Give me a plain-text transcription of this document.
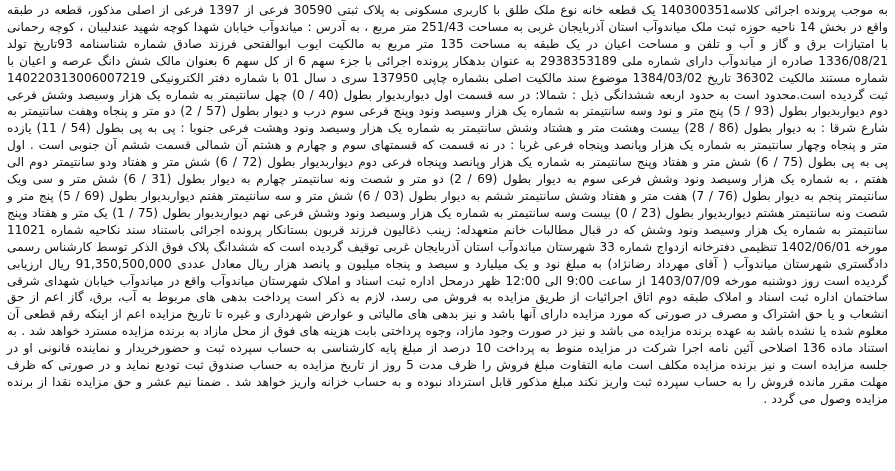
به موجب پرونده اجرائی کلاسه140300351 یک قطعه خانه نوع ملک طلق با کاربری مسکونی به پلاک ثبتی 30590 فرعی از 1397 فرعی از اصلی مذکور، قطعه در طبقه واقع در بخش 14 ناحیه حوزه ثبت ملک میاندوآب استان آذربایجان غربی به مساحت 251/43 متر مربع ، به آدرس : میاندوآب خیابان شهدا کوچه شهید عندلیبان ، کوچه رحمانی با امتیازات برق و گاز و آب و تلفن و مساحت اعیان در یک طبقه به مساحت 135 متر مربع به مالکیت ایوب ابوالفتحی فرزند صادق شماره شناسنامه 93تاریخ تولد 1336/08/21 صادره از میاندوآب دارای شماره ملی 2938353189 به عنوان بدهکار پرونده اجرائی با جزء سهم 6 از کل سهم 6 بعنوان مالک شش دانگ عرصه و اعیان با شماره مستند مالکیت 36302 تاریخ 1384/03/02 موضوع سند مالکیت اصلی بشماره چاپی 137950 سری د سال 01 با شماره دفتر الکترونیکی 140220313006007219 ثبت گردیده است.محدود است به حدود اربعه ششدانگی ذیل : شمالا: در سه قسمت اول دیواربدیوار بطول (40 / 0) چهل سانتیمتر به شماره یک هزار وسیصد وشش فرعی دوم دیواربدیوار بطول (93 / 5) پنج متر و نود وسه سانتیمتر به شماره یک هزار وسیصد ونود وپنج فرعی سوم درب و دیوار بطول (57 / 2) دو متر و پنجاه وهفت سانتیمتر به شارع شرقا : به دیوار بطول (86 / 28) بیست وهشت متر و هشتاد وشش سانتیمتر به شماره یک هزار وسیصد ونود وهشت فرعی جنوبا : پی به پی بطول (54 / 11) یازده متر و پنجاه وچهار سانتیمتر به شماره یک هزار وپانصد وپنجاه فرعی غربا : در نه قسمت که قسمتهای سوم و چهارم و هشتم آن شمالی قسمت ششم آن جنوبی است . اول پی به پی بطول (75 / 6) شش متر و هفتاد وپنج سانتیمتر به شماره یک هزار وپانصد وپنجاه فرعی دوم دیواربدیوار بطول (72 / 6) شش متر و هفتاد ودو سانتیمتر دوم الی هفتم ، به شماره یک هزار وسیصد ونود وشش فرعی سوم به دیوار بطول (69 / 2) دو متر و شصت ونه سانتیمتر چهارم به دیوار بطول (31 / 6) شش متر و سی ویک سانتیمتر پنجم به دیوار بطول (76 / 7) هفت متر و هفتاد وشش سانتیمتر ششم به دیوار بطول (03 / 6) شش متر و سه سانتیمتر هفتم دیواربدیوار بطول (69 / 5) پنج متر و شصت ونه سانتیمتر هشتم دیواربدیوار بطول (23 / 0) بیست وسه سانتیمتر به شماره یک هزار وسیصد ونود وشش فرعی نهم دیواربدیوار بطول (75 / 1) یک متر و هفتاد وپنج سانتیمتر به شماره یک هزار وسیصد ونود وشش که در قبال مطالبات خانم متعهدله: زینب ذغالیون فرزند قربون بستانکار پرونده اجرائی باستناد سند نکاحیه شماره 11021 مورخه 1402/06/01 تنظیمی دفترخانه ازدواج شماره 33 شهرستان میاندوآب استان آذربایجان غربی توقیف گردیده است که ششدانگ پلاک فوق الذکر توسط کارشناس رسمی دادگستری شهرستان میاندوآب ( آقای مهرداد رضانژاد) به مبلغ نود و یک میلیارد و سیصد و پنجاه میلیون و پانصد هزار ریال معادل عددی 91,350,500,000 ریال ارزیابی گردیده است روز دوشنبه مورخه 1403/07/09 از ساعت 9:00 الی 12:00 ظهر درمحل اداره ثبت اسناد و املاک شهرستان میاندوآب واقع در میاندوآب خیابان شهدای شرقی ساختمان اداره ثبت اسناد و املاک طبقه دوم اتاق اجرائیات از طریق مزایده به فروش می رسد، لازم به ذکر است پرداخت بدهی های مربوط به آب، برق، گاز اعم از حق انشعاب و یا حق اشتراک و مصرف در صورتی که مورد مزایده دارای آنها باشد و نیز بدهی های مالیاتی و عوارض شهرداری و غیره تا تاریخ مزایده اعم از اینکه رقم قطعی آن معلوم شده یا نشده باشد به عهده برنده مزایده می باشد و نیز در صورت وجود مازاد، وجوه پرداختی بابت هزینه های فوق از محل مازاد به برنده مزایده مسترد خواهد شد . به استناد ماده 136 اصلاحی آئین نامه اجرا شرکت در مزایده منوط به پرداخت 10 درصد از مبلغ پایه کارشناسی به حساب سپرده ثبت و حضورخریدار و نماینده قانونی او در جلسه مزایده است و نیز برنده مزایده مکلف است مابه التفاوت مبلغ فروش را ظرف مدت 5 روز از تاریخ مزایده به حساب صندوق ثبت تودیع نماید و در صورتی که ظرف مهلت مقرر مانده فروش را به حساب سپرده ثبت واریز نکند مبلغ مذکور قابل استرداد نبوده و به حساب خزانه واریز خواهد شد . ضمنا نیم عشر و حق مزایده نقدا از برنده مزایده وصول می گردد .
